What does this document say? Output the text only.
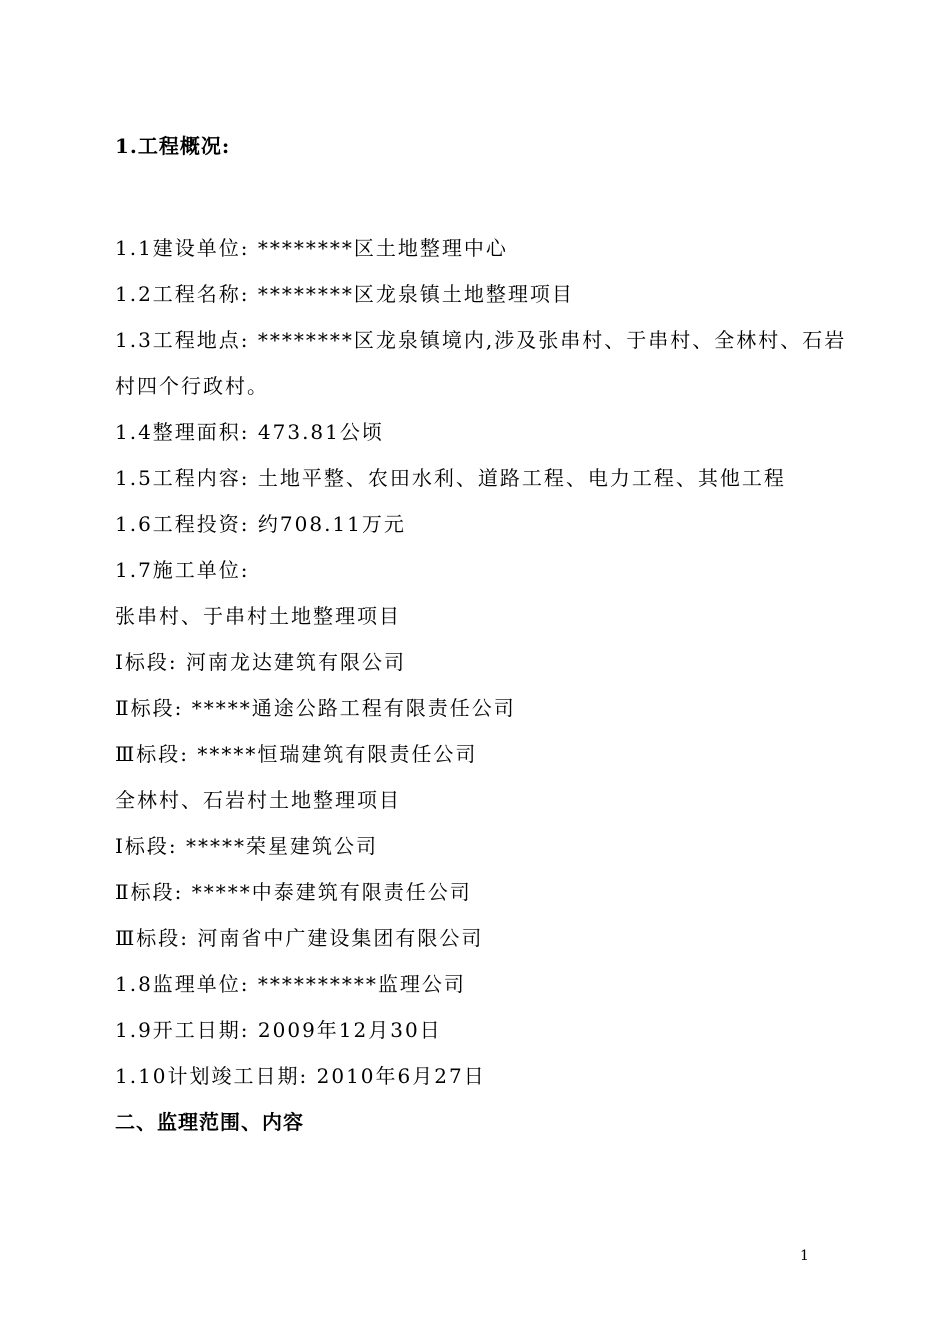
1.工程概况:
1.1建设单位: ********区土地整理中心
1.2工程名称: ********区龙泉镇土地整理项目
1.3工程地点: ********区龙泉镇境内,涉及张串村、于串村、全林村、石岩
村四个行政村。
1.4整理面积: 473.81公顷
1.5工程内容: 土地平整、农田水利、道路工程、电力工程、其他工程
1.6工程投资: 约708.11万元
1.7施工单位:
张串村、于串村土地整理项目
Ⅰ标段: 河南龙达建筑有限公司
Ⅱ标段: *****通途公路工程有限责任公司
Ⅲ标段: *****恒瑞建筑有限责任公司
全林村、石岩村土地整理项目
Ⅰ标段: *****荣星建筑公司
Ⅱ标段: *****中泰建筑有限责任公司
Ⅲ标段: 河南省中广建设集团有限公司
1.8监理单位: **********监理公司
1.9开工日期: 2009年12月30日
1.10计划竣工日期: 2010年6月27日
二、监理范围、内容
1
